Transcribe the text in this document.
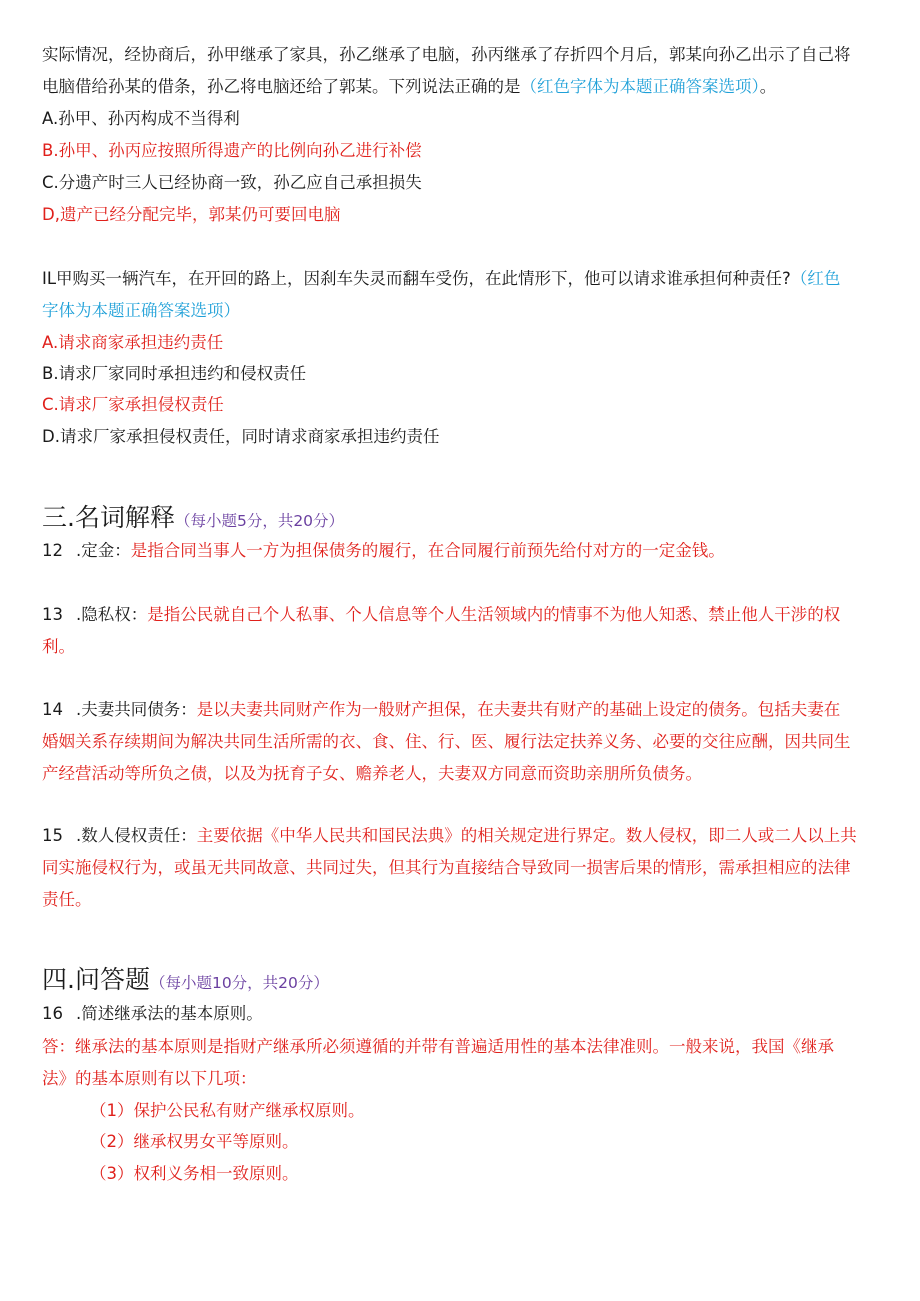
实际情况，经协商后，孙甲继承了家具，孙乙继承了电脑，孙丙继承了存折四个月后，郭某向孙乙出示了自己将
电脑借给孙某的借条，孙乙将电脑还给了郭某。下列说法正确的是（红色字体为本题正确答案选项）。
A.孙甲、孙丙构成不当得利
B.孙甲、孙丙应按照所得遗产的比例向孙乙进行补偿
C.分遗产时三人已经协商一致，孙乙应自己承担损失
D,遗产已经分配完毕，郭某仍可要回电脑
IL甲购买一辆汽车，在开回的路上，因刹车失灵而翻车受伤，在此情形下，他可以请求谁承担何种责任?（红色
字体为本题正确答案选项）
A.请求商家承担违约责任
B.请求厂家同时承担违约和侵权责任
C.请求厂家承担侵权责任
D.请求厂家承担侵权责任，同时请求商家承担违约责任
三.名词解释（每小题5分，共20分）
12 .定金：是指合同当事人一方为担保债务的履行，在合同履行前预先给付对方的一定金钱。
13 .隐私权：是指公民就自己个人私事、个人信息等个人生活领域内的情事不为他人知悉、禁止他人干涉的权
利。
14 .夫妻共同债务：是以夫妻共同财产作为一般财产担保，在夫妻共有财产的基础上设定的债务。包括夫妻在
婚姻关系存续期间为解决共同生活所需的衣、食、住、行、医、履行法定扶养义务、必要的交往应酬，因共同生
产经营活动等所负之债，以及为抚育子女、赡养老人，夫妻双方同意而资助亲朋所负债务。
15 .数人侵权责任：主要依据《中华人民共和国民法典》的相关规定进行界定。数人侵权，即二人或二人以上共
同实施侵权行为，或虽无共同故意、共同过失，但其行为直接结合导致同一损害后果的情形，需承担相应的法律
责任。
四.问答题（每小题10分，共20分）
16 .简述继承法的基本原则。
答：继承法的基本原则是指财产继承所必须遵循的并带有普遍适用性的基本法律准则。一般来说，我国《继承
法》的基本原则有以下几项：
（1）保护公民私有财产继承权原则。
（2）继承权男女平等原则。
（3）权利义务相一致原则。
